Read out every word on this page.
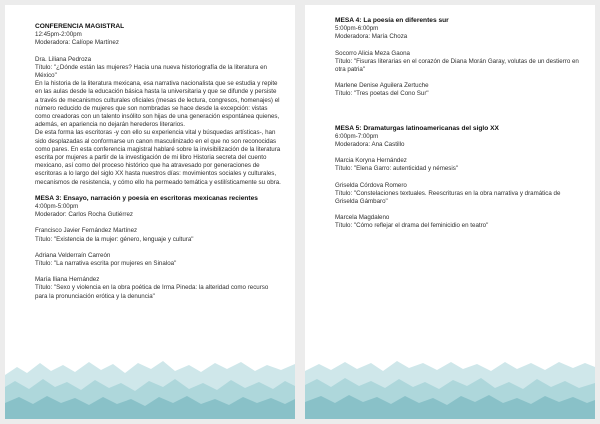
CONFERENCIA MAGISTRAL
12:45pm-2:00pm
Moderadora: Calíope Martínez
Dra. Liliana Pedroza
Título: "¿Dónde están las mujeres? Hacia una nueva historiografía de la literatura en México"
En la historia de la literatura mexicana, esa narrativa nacionalista que se estudia y repite en las aulas desde la educación básica hasta la universitaria y que se difunde y persiste a través de mecanismos culturales oficiales (mesas de lectura, congresos, homenajes) el número reducido de mujeres que son nombradas se hace desde la excepción: vistas como creadoras con un talento insólito son hijas de una generación espontánea quienes, además, en apariencia no dejarán herederos literarios.
De esta forma las escritoras -y con ello su experiencia vital y búsquedas artísticas-, han sido desplazadas al conformarse un canon masculinizado en el que no son reconocidas como pares. En esta conferencia magistral hablaré sobre la invisibilización de la literatura escrita por mujeres a partir de la investigación de mi libro Historia secreta del cuento mexicano, así como del proceso histórico que ha atravesado por generaciones de escritoras a lo largo del siglo XX hasta nuestros días: movimientos sociales y culturales, mecanismos de resistencia, y cómo ello ha permeado temática y estilísticamente su obra.
MESA 3: Ensayo, narración y poesía en escritoras mexicanas recientes
4:00pm-5:00pm
Moderador: Carlos Rocha Gutiérrez
Francisco Javier Fernández Martínez
Título: "Existencia de la mujer: género, lenguaje y cultura"
Adriana Velderraín Carreón
Título: "La narrativa escrita por mujeres en Sinaloa"
María Iliana Hernández
Título: "Sexo y violencia en la obra poética de Irma Pineda: la alteridad como recurso para la pronunciación erótica y la denuncia"
MESA 4: La poesía en diferentes sur
5:00pm-6:00pm
Moderadora: María Choza
Socorro Alicia Meza Gaona
Título: "Fisuras literarias en el corazón de Diana Morán Garay, volutas de un destierro en otra patria"
Marlene Denise Aguilera Zertuche
Título: "Tres poetas del Cono Sur"
MESA 5: Dramaturgas latinoamericanas del siglo XX
6:00pm-7:00pm
Moderadora: Ana Castillo
Marcia Koryna Hernández
Título: "Elena Garro: autenticidad y némesis"
Griselda Córdova Romero
Título: "Constelaciones textuales. Reescrituras en la obra narrativa y dramática de Griselda Gámbaro"
Marcela Magdaleno
Título: "Cómo reflejar el drama del feminicidio en teatro"
